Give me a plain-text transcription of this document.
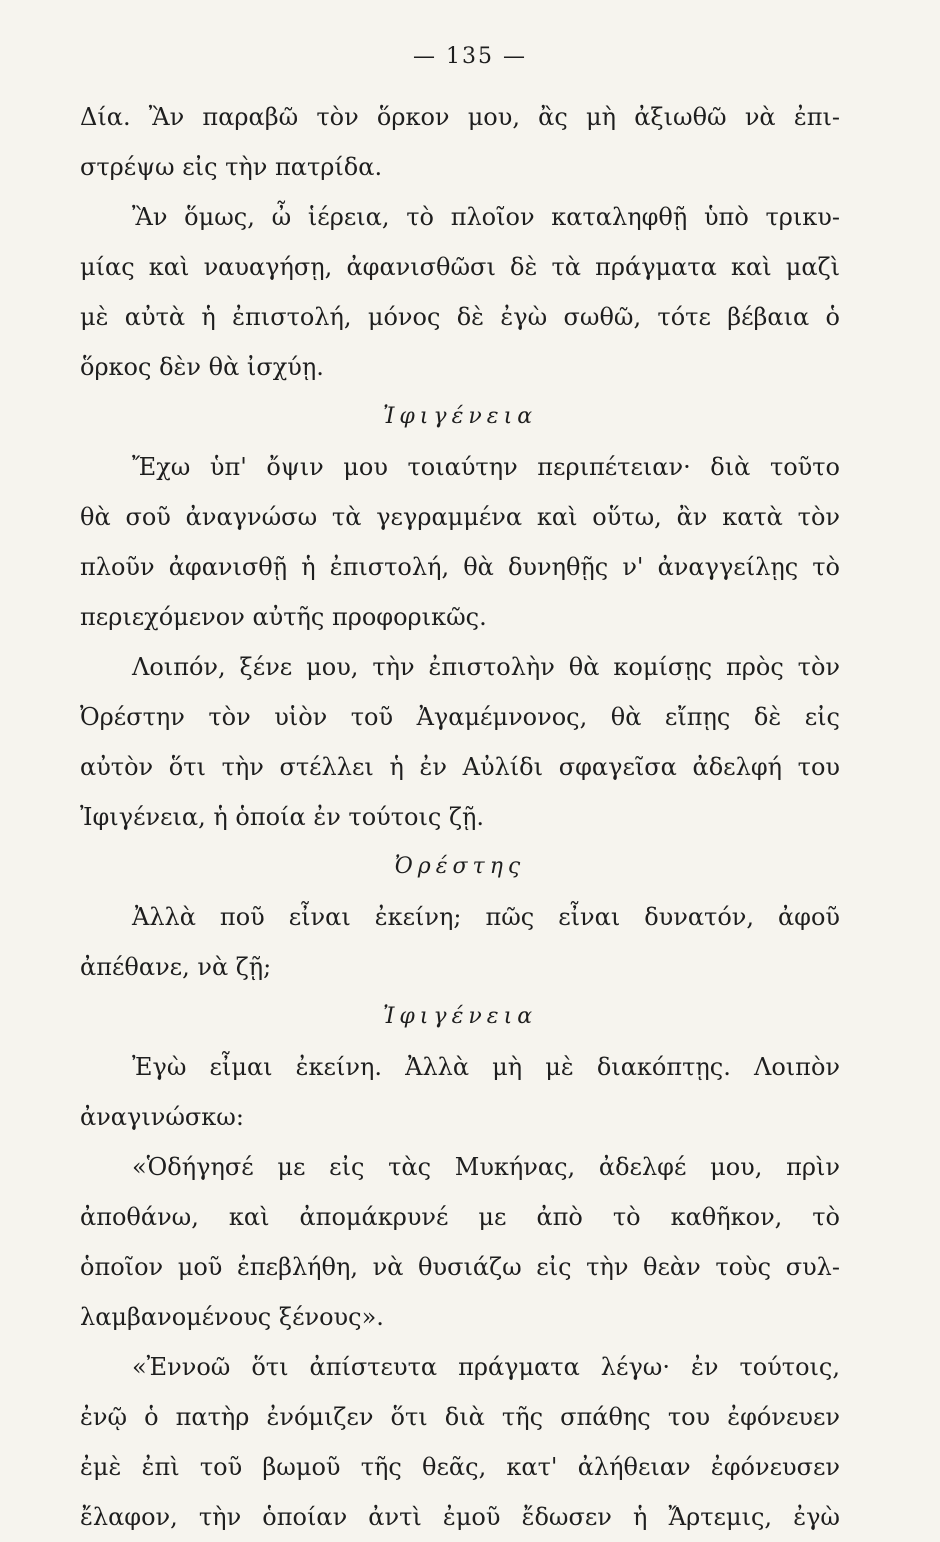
— 135 —
Δία. Ἂν παραβῶ τὸν ὅρκον μου, ἂς μὴ ἀξιωθῶ νὰ ἐπι-
στρέψω εἰς τὴν πατρίδα.
Ἂν ὅμως, ὦ ἱέρεια, τὸ πλοῖον καταληφθῇ ὑπὸ τρικυ-
μίας καὶ ναυαγήσῃ, ἀφανισθῶσι δὲ τὰ πράγματα καὶ μαζὶ
μὲ αὐτὰ ἡ ἐπιστολή, μόνος δὲ ἐγὼ σωθῶ, τότε βέβαια ὁ
ὅρκος δὲν θὰ ἰσχύῃ.
Ἰφιγένεια
Ἔχω ὑπ' ὄψιν μου τοιαύτην περιπέτειαν· διὰ τοῦτο
θὰ σοῦ ἀναγνώσω τὰ γεγραμμένα καὶ οὕτω, ἂν κατὰ τὸν
πλοῦν ἀφανισθῇ ἡ ἐπιστολή, θὰ δυνηθῇς ν' ἀναγγείλῃς τὸ
περιεχόμενον αὐτῆς προφορικῶς.
Λοιπόν, ξένε μου, τὴν ἐπιστολὴν θὰ κομίσῃς πρὸς τὸν
Ὀρέστην τὸν υἱὸν τοῦ Ἀγαμέμνονος, θὰ εἴπῃς δὲ εἰς
αὐτὸν ὅτι τὴν στέλλει ἡ ἐν Αὐλίδι σφαγεῖσα ἀδελφή του
Ἰφιγένεια, ἡ ὁποία ἐν τούτοις ζῇ.
Ὀρέστης
Ἀλλὰ ποῦ εἶναι ἐκείνη; πῶς εἶναι δυνατόν, ἀφοῦ
ἀπέθανε, νὰ ζῇ;
Ἰφιγένεια
Ἐγὼ εἶμαι ἐκείνη. Ἀλλὰ μὴ μὲ διακόπτῃς. Λοιπὸν
ἀναγινώσκω:
«Ὁδήγησέ με εἰς τὰς Μυκήνας, ἀδελφέ μου, πρὶν
ἀποθάνω, καὶ ἀπομάκρυνέ με ἀπὸ τὸ καθῆκον, τὸ
ὁποῖον μοῦ ἐπεβλήθη, νὰ θυσιάζω εἰς τὴν θεὰν τοὺς συλ-
λαμβανομένους ξένους».
«Ἐννοῶ ὅτι ἀπίστευτα πράγματα λέγω· ἐν τούτοις,
ἐνῷ ὁ πατὴρ ἐνόμιζεν ὅτι διὰ τῆς σπάθης του ἐφόνευεν
ἐμὲ ἐπὶ τοῦ βωμοῦ τῆς θεᾶς, κατ' ἀλήθειαν ἐφόνευσεν
ἔλαφον, τὴν ὁποίαν ἀντὶ ἐμοῦ ἔδωσεν ἡ Ἄρτεμις, ἐγὼ
